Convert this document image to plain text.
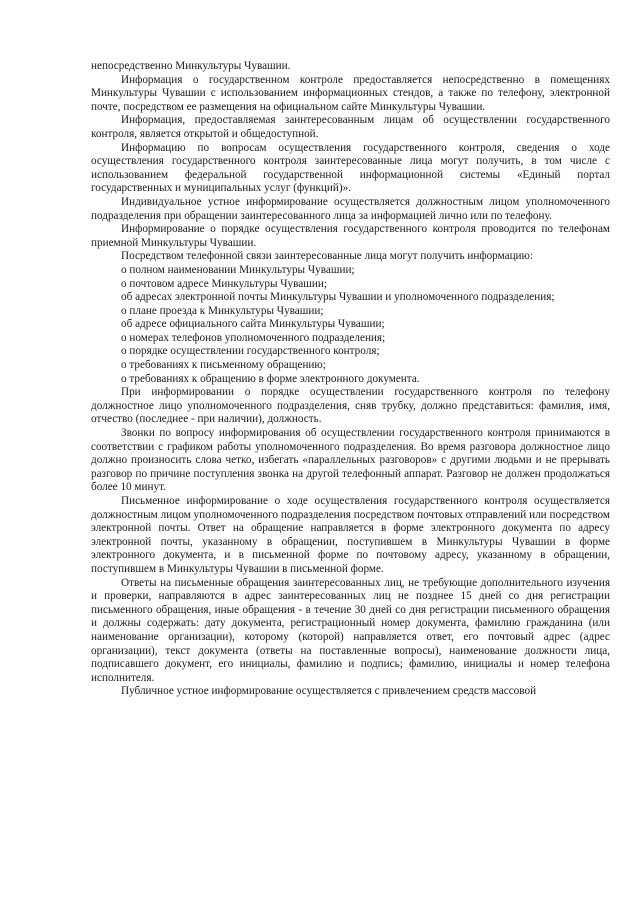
непосредственно Минкультуры Чувашии.

Информация о государственном контроле предоставляется непосредственно в помещениях Минкультуры Чувашии с использованием информационных стендов, а также по телефону, электронной почте, посредством ее размещения на официальном сайте Минкультуры Чувашии.

Информация, предоставляемая заинтересованным лицам об осуществлении государственного контроля, является открытой и общедоступной.

Информацию по вопросам осуществления государственного контроля, сведения о ходе осуществления государственного контроля заинтересованные лица могут получить, в том числе с использованием федеральной государственной информационной системы «Единый портал государственных и муниципальных услуг (функций)».

Индивидуальное устное информирование осуществляется должностным лицом уполномоченного подразделения при обращении заинтересованного лица за информацией лично или по телефону.

Информирование о порядке осуществления государственного контроля проводится по телефонам приемной Минкультуры Чувашии.

Посредством телефонной связи заинтересованные лица могут получить информацию:

о полном наименовании Минкультуры Чувашии;

о почтовом адресе Минкультуры Чувашии;

об адресах электронной почты Минкультуры Чувашии и уполномоченного подразделения;

о плане проезда к Минкультуры Чувашии;

об адресе официального сайта Минкультуры Чувашии;

о номерах телефонов уполномоченного подразделения;

о порядке осуществлении государственного контроля;

о требованиях к письменному обращению;

о требованиях к обращению в форме электронного документа.

При информировании о порядке осуществлении государственного контроля по телефону должностное лицо уполномоченного подразделения, сняв трубку, должно представиться: фамилия, имя, отчество (последнее - при наличии), должность.

Звонки по вопросу информирования об осуществлении государственного контроля принимаются в соответствии с графиком работы уполномоченного подразделения. Во время разговора должностное лицо должно произносить слова четко, избегать «параллельных разговоров» с другими людьми и не прерывать разговор по причине поступления звонка на другой телефонный аппарат. Разговор не должен продолжаться более 10 минут.

Письменное информирование о ходе осуществления государственного контроля осуществляется должностным лицом уполномоченного подразделения посредством почтовых отправлений или посредством электронной почты. Ответ на обращение направляется в форме электронного документа по адресу электронной почты, указанному в обращении, поступившем в Минкультуры Чувашии в форме электронного документа, и в письменной форме по почтовому адресу, указанному в обращении, поступившем в Минкультуры Чувашии в письменной форме.

Ответы на письменные обращения заинтересованных лиц, не требующие дополнительного изучения и проверки, направляются в адрес заинтересованных лиц не позднее 15 дней со дня регистрации письменного обращения, иные обращения - в течение 30 дней со дня регистрации письменного обращения и должны содержать: дату документа, регистрационный номер документа, фамилию гражданина (или наименование организации), которому (которой) направляется ответ, его почтовый адрес (адрес организации), текст документа (ответы на поставленные вопросы), наименование должности лица, подписавшего документ, его инициалы, фамилию и подпись; фамилию, инициалы и номер телефона исполнителя.

Публичное устное информирование осуществляется с привлечением средств массовой
